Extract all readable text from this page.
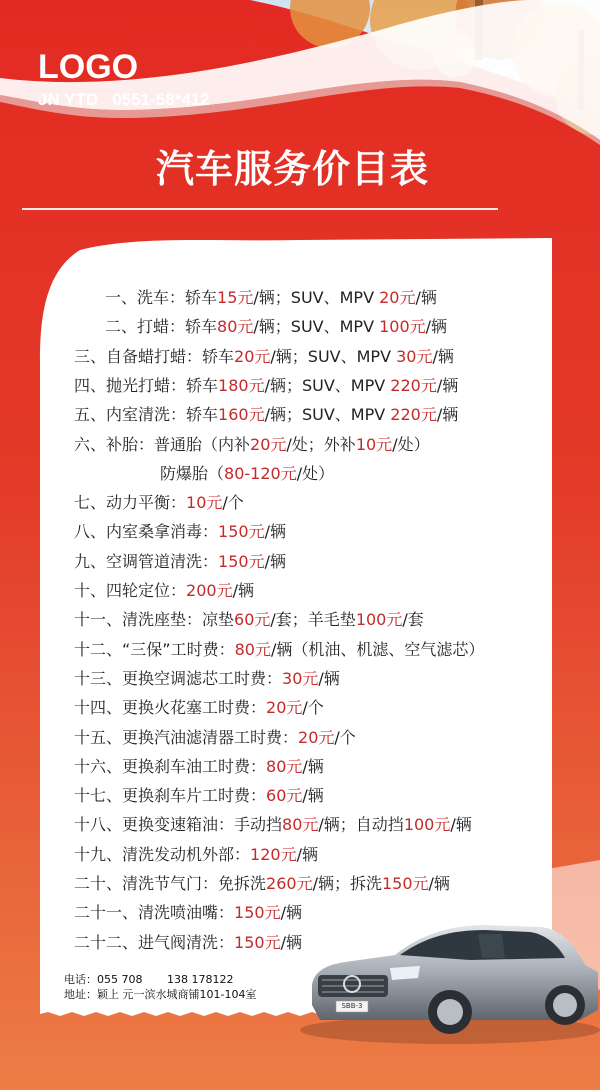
LOGO
JN YTD 0551-58*412
汽车服务价目表
一、洗车：轿车15元/辆；SUV、MPV 20元/辆
二、打蜡：轿车80元/辆；SUV、MPV 100元/辆
三、自备蜡打蜡：轿车20元/辆；SUV、MPV 30元/辆
四、抛光打蜡：轿车180元/辆；SUV、MPV 220元/辆
五、内室清洗：轿车160元/辆；SUV、MPV 220元/辆
六、补胎：普通胎（内补20元/处；外补10元/处）
防爆胎（80-120元/处）
七、动力平衡：10元/个
八、内室桑拿消毒：150元/辆
九、空调管道清洗：150元/辆
十、四轮定位：200元/辆
十一、清洗座垫：凉垫60元/套；羊毛垫100元/套
十二、“三保”工时费：80元/辆（机油、机滤、空气滤芯）
十三、更换空调滤芯工时费：30元/辆
十四、更换火花塞工时费：20元/个
十五、更换汽油滤清器工时费：20元/个
十六、更换刹车油工时费：80元/辆
十七、更换刹车片工时费：60元/辆
十八、更换变速箱油：手动挡80元/辆；自动挡100元/辆
十九、清洗发动机外部：120元/辆
二十、清洗节气门：免拆洗260元/辆；拆洗150元/辆
二十一、清洗喷油嘴：150元/辆
二十二、进气阀清洗：150元/辆
SBB-3
电话：055 708       138 178122
地址：颖上 元一滨水城商铺101-104室
